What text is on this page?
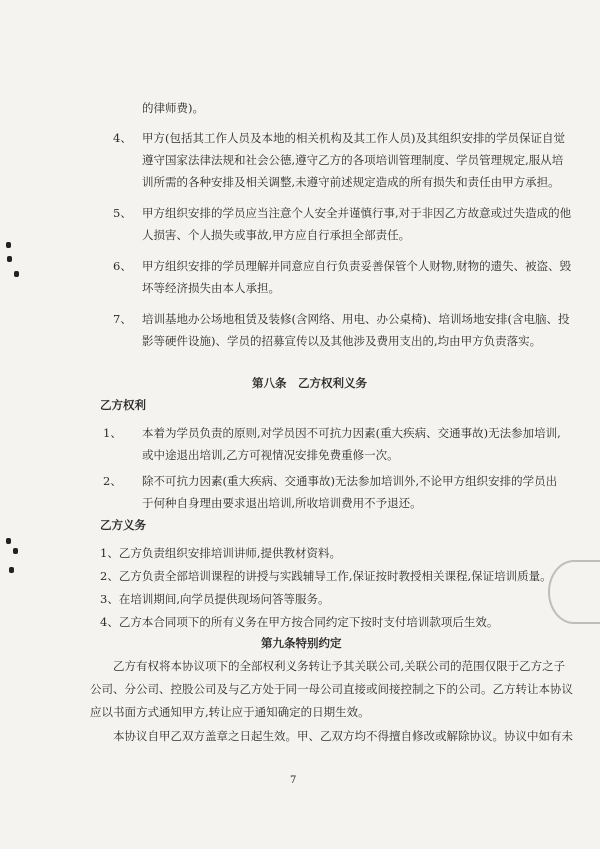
的律师费)。
4、 甲方(包括其工作人员及本地的相关机构及其工作人员)及其组织安排的学员保证自觉
遵守国家法律法规和社会公德,遵守乙方的各项培训管理制度、学员管理规定,服从培
训所需的各种安排及相关调整,未遵守前述规定造成的所有损失和责任由甲方承担。
5、 甲方组织安排的学员应当注意个人安全并谨慎行事,对于非因乙方故意或过失造成的他
人损害、个人损失或事故,甲方应自行承担全部责任。
6、 甲方组织安排的学员理解并同意应自行负责妥善保管个人财物,财物的遗失、被盗、毁
坏等经济损失由本人承担。
7、 培训基地办公场地租赁及装修(含网络、用电、办公桌椅)、培训场地安排(含电脑、投
影等硬件设施)、学员的招募宣传以及其他涉及费用支出的,均由甲方负责落实。
第八条　乙方权利义务
乙方权利
1、 本着为学员负责的原则,对学员因不可抗力因素(重大疾病、交通事故)无法参加培训,
或中途退出培训,乙方可视情况安排免费重修一次。
2、 除不可抗力因素(重大疾病、交通事故)无法参加培训外,不论甲方组织安排的学员出
于何种自身理由要求退出培训,所收培训费用不予退还。
乙方义务
1、乙方负责组织安排培训讲师,提供教材资料。
2、乙方负责全部培训课程的讲授与实践辅导工作,保证按时教授相关课程,保证培训质量。
3、在培训期间,向学员提供现场问答等服务。
4、乙方本合同项下的所有义务在甲方按合同约定下按时支付培训款项后生效。
第九条特别约定
乙方有权将本协议项下的全部权利义务转让予其关联公司,关联公司的范围仅限于乙方之子
公司、分公司、控股公司及与乙方处于同一母公司直接或间接控制之下的公司。乙方转让本协议
应以书面方式通知甲方,转让应于通知确定的日期生效。
本协议自甲乙双方盖章之日起生效。甲、乙双方均不得擅自修改或解除协议。协议中如有未
7
